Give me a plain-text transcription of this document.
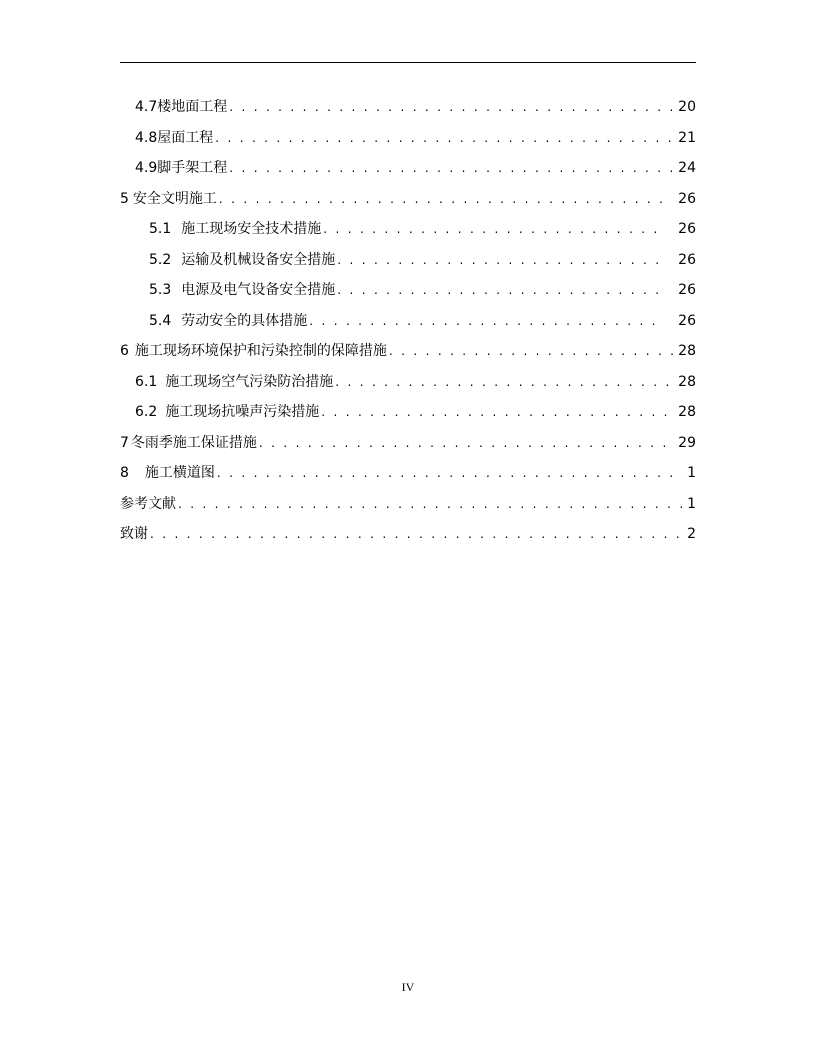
4.7 楼地面工程 . . .	20
4.8 屋面工程 . . .	21
4.9 脚手架工程 . . .	24
5 安全文明施工 . . .	26
5.1 施工现场安全技术措施 . . .	26
5.2 运输及机械设备安全措施 . . .	26
5.3 电源及电气设备安全措施 . . .	26
5.4 劳动安全的具体措施 . . .	26
6 施工现场环境保护和污染控制的保障措施 . . .	28
6.1 施工现场空气污染防治措施 . . .	28
6.2 施工现场抗噪声污染措施 . . .	28
7 冬雨季施工保证措施 . . .	29
8 施工横道图 . . .	1
参考文献 . . .	1
致谢 . . .	2
IV
